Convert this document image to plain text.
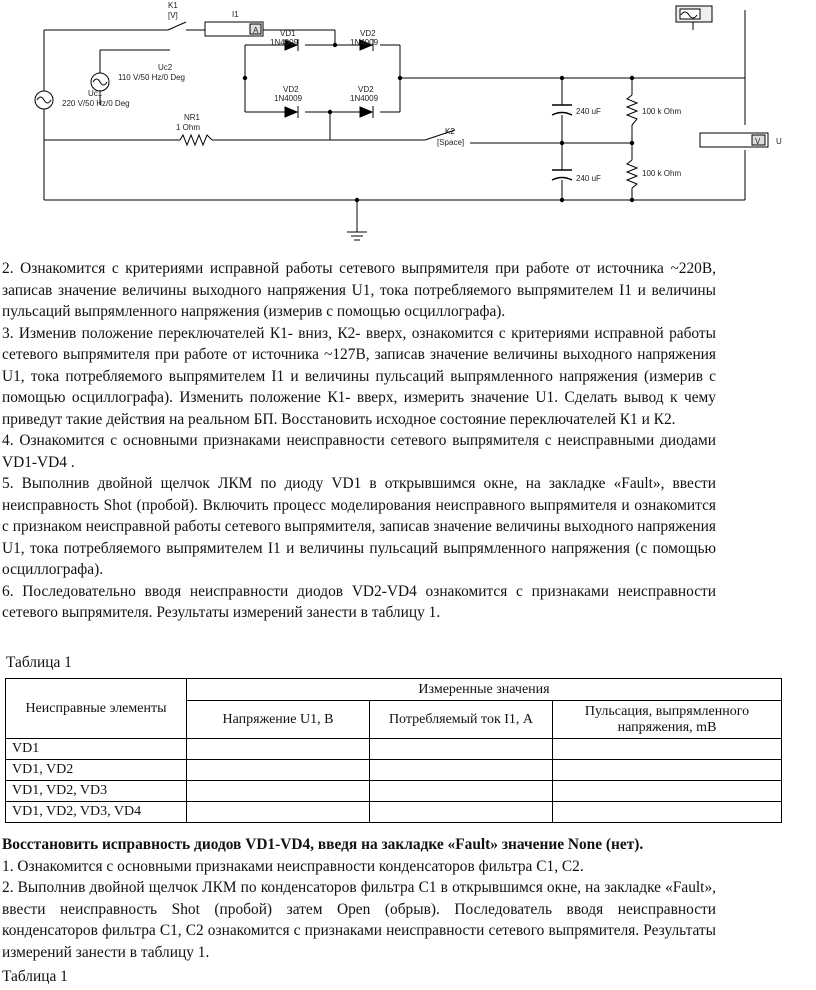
A
V U
K1
[V]	I1
VD1
1N4009
VD2
1N4009
VD2
1N4009
VD2
1N4009
Uc2
110 V/50 Hz/0 Deg
Uc1
220 V/50 Hz/0 Deg
NR1
1 Ohm	K2
[Space]
240 uF
240 uF
100 k Ohm
100 k Ohm

2. Ознакомится с критериями исправной работы сетевого выпрямителя при работе от источника ~220В, записав значение величины выходного напряжения U1, тока потребляемого выпрямителем I1 и величины пульсаций выпрямленного напряжения (измерив с помощью осциллографа).

3. Изменив положение переключателей К1- вниз, К2- вверх, ознакомится с критериями исправной работы сетевого выпрямителя при работе от источника ~127В, записав значение величины выходного напряжения U1, тока потребляемого выпрямителем I1 и величины пульсаций выпрямленного напряжения (измерив с помощью осциллографа). Изменить положение К1- вверх, измерить значение U1. Сделать вывод к чему приведут такие действия на реальном БП. Восстановить исходное состояние переключателей К1 и К2.

4. Ознакомится с основными признаками неисправности сетевого выпрямителя с неисправными диодами VD1-VD4 .

5. Выполнив двойной щелчок ЛКМ по диоду VD1 в открывшимся окне, на закладке «Fault», ввести неисправность Shot (пробой). Включить процесс моделирования неисправного выпрямителя и ознакомится с признаком неисправной работы сетевого выпрямителя, записав значение величины выходного напряжения U1, тока потребляемого выпрямителем I1 и величины пульсаций выпрямленного напряжения (с помощью осциллографа).

6. Последовательно вводя неисправности диодов VD2-VD4 ознакомится с признаками неисправности сетевого выпрямителя. Результаты измерений занести в таблицу 1.

Таблица 1
Неисправные элементы	Измеренные значения		
	Напряжение U1, В	Потребляемый ток I1, А	Пульсация, выпрямленного напряжения, mВ
VD1			
VD1, VD2			
VD1, VD2, VD3			
VD1, VD2, VD3, VD4			

Восстановить исправность диодов VD1-VD4, введя на закладке «Fault» значение None (нет).

1. Ознакомится с основными признаками неисправности конденсаторов фильтра C1, C2.

2. Выполнив двойной щелчок ЛКМ по конденсаторов фильтра C1 в открывшимся окне, на закладке «Fault», ввести неисправность Shot (пробой) затем Open (обрыв). Последователь вводя неисправности конденсаторов фильтра C1, C2 ознакомится с признаками неисправности сетевого выпрямителя. Результаты измерений занести в таблицу 1.

Таблица 1
